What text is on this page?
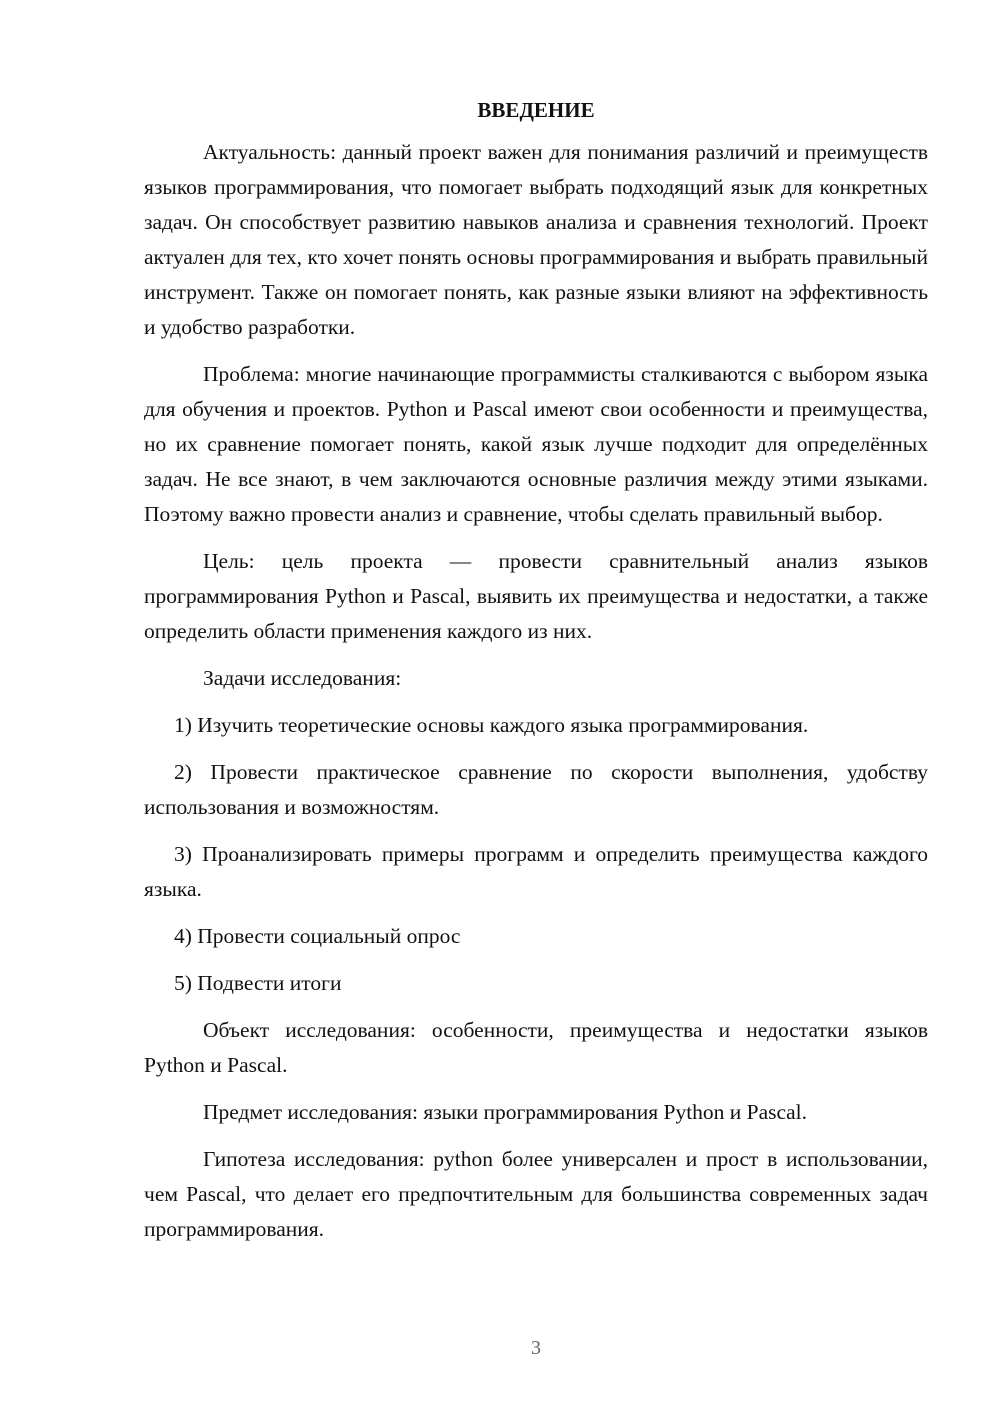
ВВЕДЕНИЕ

Актуальность: данный проект важен для понимания различий и преимуществ языков программирования, что помогает выбрать подходящий язык для конкретных задач. Он способствует развитию навыков анализа и сравнения технологий. Проект актуален для тех, кто хочет понять основы программирования и выбрать правильный инструмент. Также он помогает понять, как разные языки влияют на эффективность и удобство разработки.

Проблема: многие начинающие программисты сталкиваются с выбором языка для обучения и проектов. Python и Pascal имеют свои особенности и преимущества, но их сравнение помогает понять, какой язык лучше подходит для определённых задач. Не все знают, в чем заключаются основные различия между этими языками. Поэтому важно провести анализ и сравнение, чтобы сделать правильный выбор.

Цель: цель проекта — провести сравнительный анализ языков программирования Python и Pascal, выявить их преимущества и недостатки, а также определить области применения каждого из них.

Задачи исследования:

1) Изучить теоретические основы каждого языка программирования.

2) Провести практическое сравнение по скорости выполнения, удобству использования и возможностям.

3) Проанализировать примеры программ и определить преимущества каждого языка.

4) Провести социальный опрос

5) Подвести итоги

Объект исследования: особенности, преимущества и недостатки языков Python и Pascal.

Предмет исследования: языки программирования Python и Pascal.

Гипотеза исследования: python более универсален и прост в использовании, чем Pascal, что делает его предпочтительным для большинства современных задач программирования.

3
